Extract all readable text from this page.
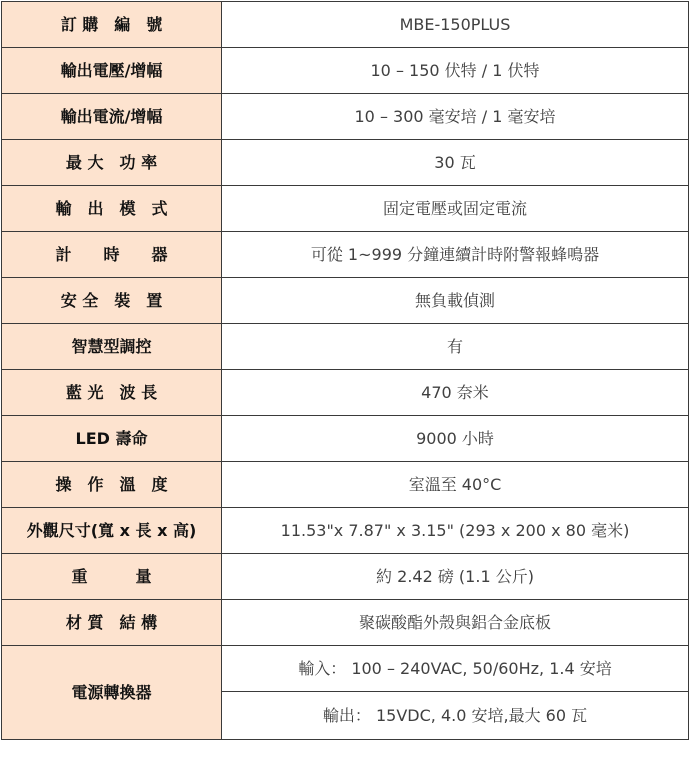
訂 購　編　號	MBE-150PLUS
輸出電壓/增幅	10 – 150 伏特 / 1 伏特
輸出電流/增幅	10 – 300 毫安培 / 1 毫安培
最 大　功 率	30 瓦
輸　出　模　式	固定電壓或固定電流
計　　時　　器	可從 1~999 分鐘連續計時附警報蜂鳴器
安 全　裝　置	無負載偵測
智慧型調控	有
藍 光　波 長	470 奈米
LED 壽命	9000 小時
操　作　溫　度	室溫至 40°C
外觀尺寸(寬 x 長 x 高)	11.53"x 7.87" x 3.15" (293 x 200 x 80 毫米)
重　　　量	約 2.42 磅 (1.1 公斤)
材 質　結 構	聚碳酸酯外殼與鋁合金底板
電源轉換器	輸入： 100 – 240VAC, 50/60Hz, 1.4 安培
	輸出： 15VDC, 4.0 安培,最大 60 瓦
